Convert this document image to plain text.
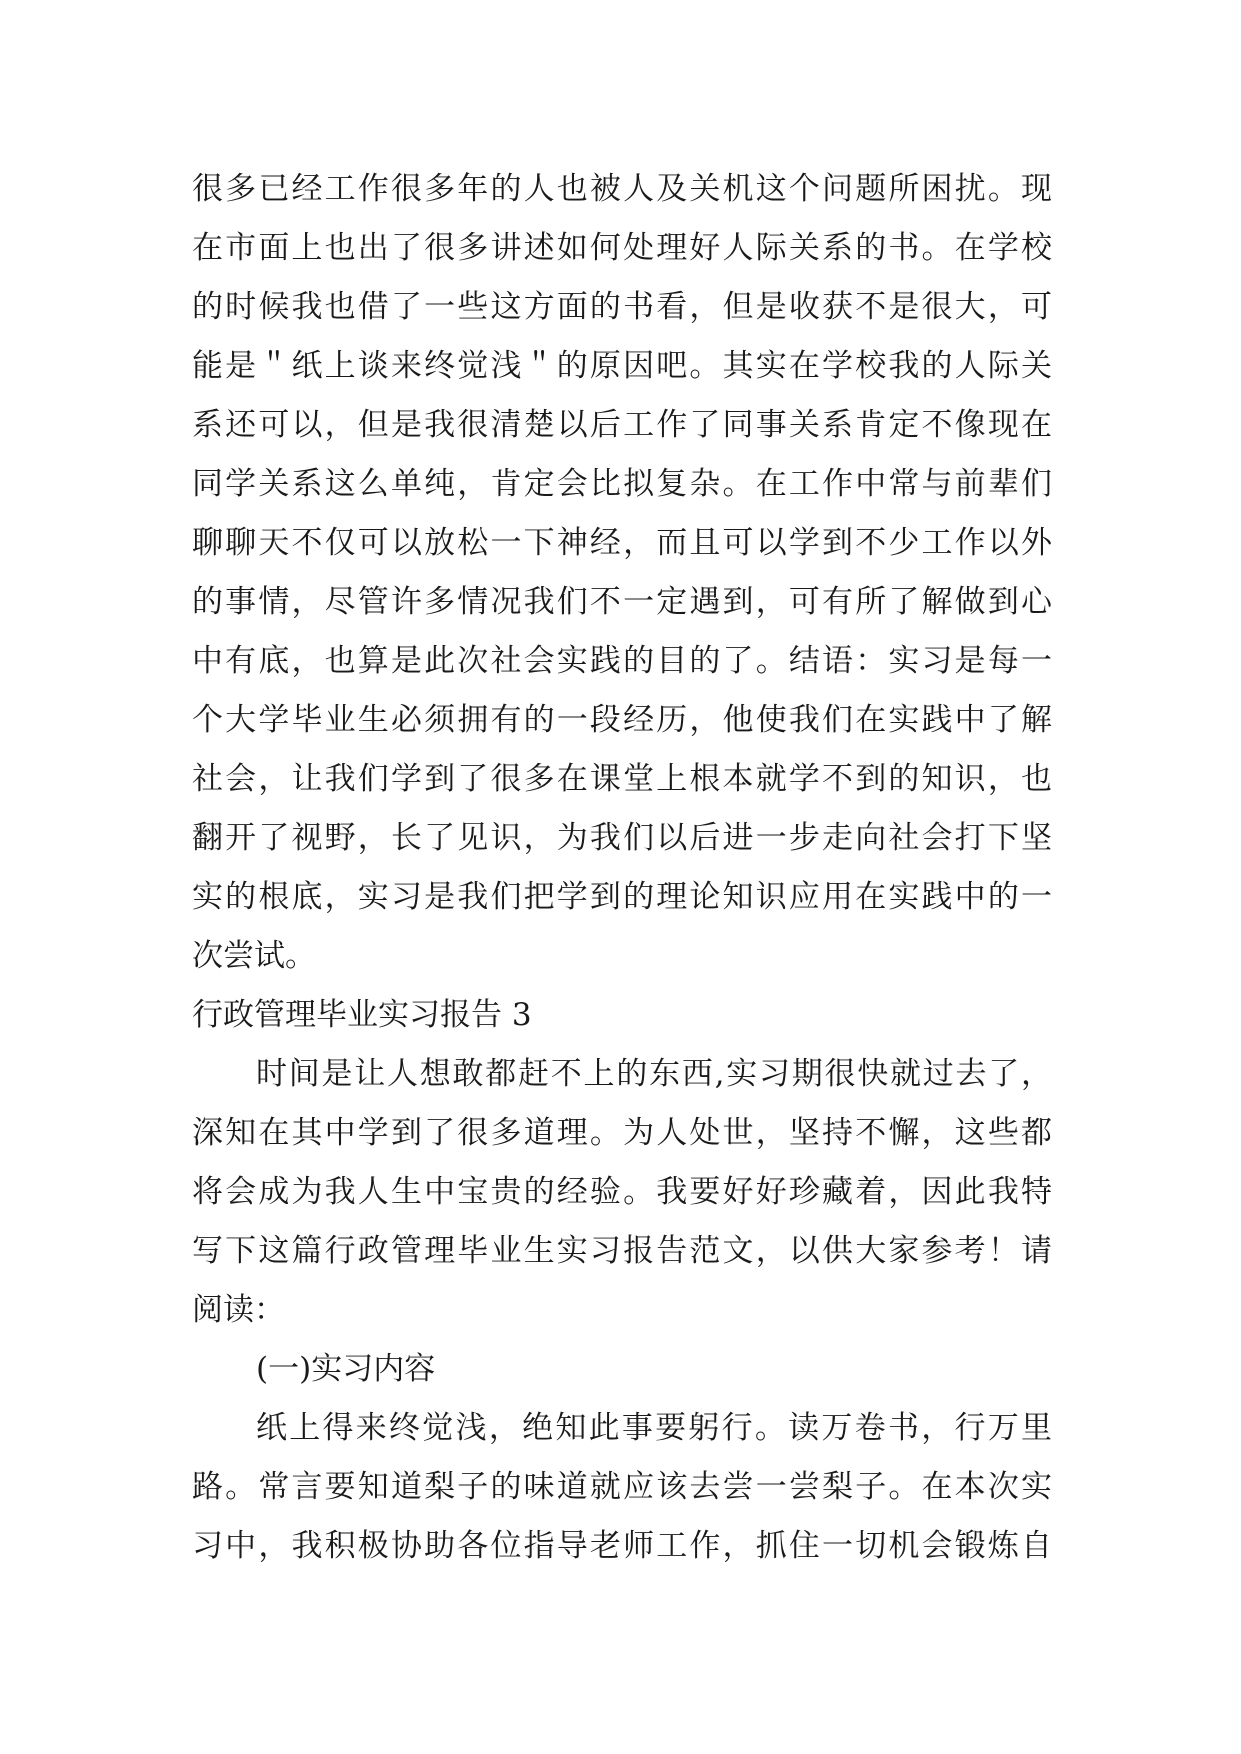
很多已经工作很多年的人也被人及关机这个问题所困扰。现
在市面上也出了很多讲述如何处理好人际关系的书。在学校
的时候我也借了一些这方面的书看，但是收获不是很大，可
能是＂纸上谈来终觉浅＂的原因吧。其实在学校我的人际关
系还可以，但是我很清楚以后工作了同事关系肯定不像现在
同学关系这么单纯，肯定会比拟复杂。在工作中常与前辈们
聊聊天不仅可以放松一下神经，而且可以学到不少工作以外
的事情，尽管许多情况我们不一定遇到，可有所了解做到心
中有底，也算是此次社会实践的目的了。结语：实习是每一
个大学毕业生必须拥有的一段经历，他使我们在实践中了解
社会，让我们学到了很多在课堂上根本就学不到的知识，也
翻开了视野，长了见识，为我们以后进一步走向社会打下坚
实的根底，实习是我们把学到的理论知识应用在实践中的一
次尝试。
行政管理毕业实习报告 3
时间是让人想敢都赶不上的东西,实习期很快就过去了，
深知在其中学到了很多道理。为人处世，坚持不懈，这些都
将会成为我人生中宝贵的经验。我要好好珍藏着，因此我特
写下这篇行政管理毕业生实习报告范文，以供大家参考！请
阅读：
(一)实习内容
纸上得来终觉浅，绝知此事要躬行。读万卷书，行万里
路。常言要知道梨子的味道就应该去尝一尝梨子。在本次实
习中，我积极协助各位指导老师工作，抓住一切机会锻炼自
